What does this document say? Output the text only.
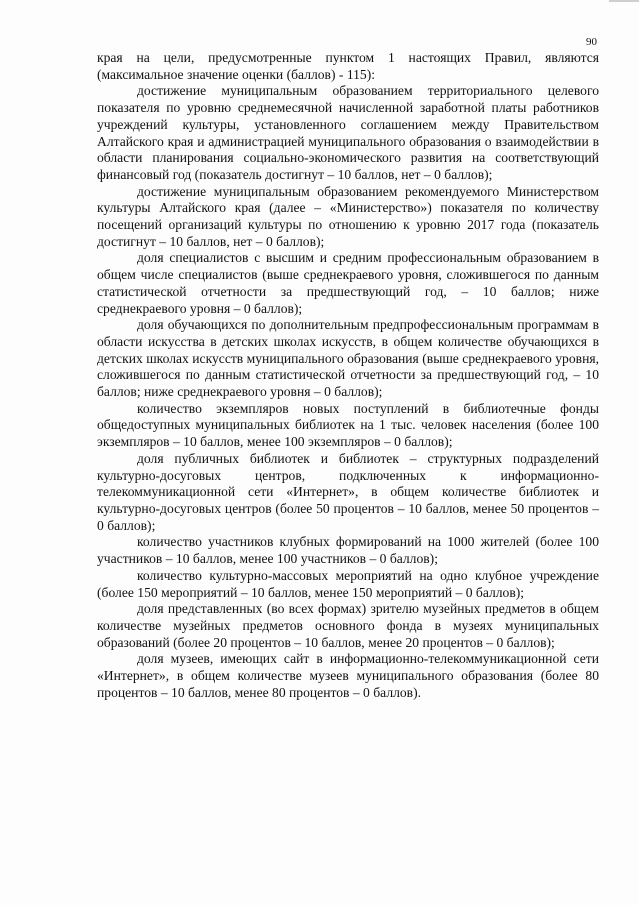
90

края на цели, предусмотренные пунктом 1 настоящих Правил, являются (максимальное значение оценки (баллов) - 115):

достижение муниципальным образованием территориального целевого показателя по уровню среднемесячной начисленной заработной платы работников учреждений культуры, установленного соглашением между Правительством Алтайского края и администрацией муниципального образования о взаимодействии в области планирования социально-экономического развития на соответствующий финансовый год (показатель достигнут – 10 баллов, нет – 0 баллов);

достижение муниципальным образованием рекомендуемого Министерством культуры Алтайского края (далее – «Министерство») показателя по количеству посещений организаций культуры по отношению к уровню 2017 года (показатель достигнут – 10 баллов, нет – 0 баллов);

доля специалистов с высшим и средним профессиональным образованием в общем числе специалистов (выше среднекраевого уровня, сложившегося по данным статистической отчетности за предшествующий год, – 10 баллов; ниже среднекраевого уровня – 0 баллов);

доля обучающихся по дополнительным предпрофессиональным программам в области искусства в детских школах искусств, в общем количестве обучающихся в детских школах искусств муниципального образования (выше среднекраевого уровня, сложившегося по данным статистической отчетности за предшествующий год, – 10 баллов; ниже среднекраевого уровня – 0 баллов);

количество экземпляров новых поступлений в библиотечные фонды общедоступных муниципальных библиотек на 1 тыс. человек населения (более 100 экземпляров – 10 баллов, менее 100 экземпляров – 0 баллов);

доля публичных библиотек и библиотек – структурных подразделений культурно-досуговых центров, подключенных к информационно-телекоммуникационной сети «Интернет», в общем количестве библиотек и культурно-досуговых центров (более 50 процентов – 10 баллов, менее 50 процентов – 0 баллов);

количество участников клубных формирований на 1000 жителей (более 100 участников – 10 баллов, менее 100 участников – 0 баллов);

количество культурно-массовых мероприятий на одно клубное учреждение (более 150 мероприятий – 10 баллов, менее 150 мероприятий – 0 баллов);

доля представленных (во всех формах) зрителю музейных предметов в общем количестве музейных предметов основного фонда в музеях муниципальных образований (более 20 процентов – 10 баллов, менее 20 процентов – 0 баллов);

доля музеев, имеющих сайт в информационно-телекоммуникационной сети «Интернет», в общем количестве музеев муниципального образования (более 80 процентов – 10 баллов, менее 80 процентов – 0 баллов).
